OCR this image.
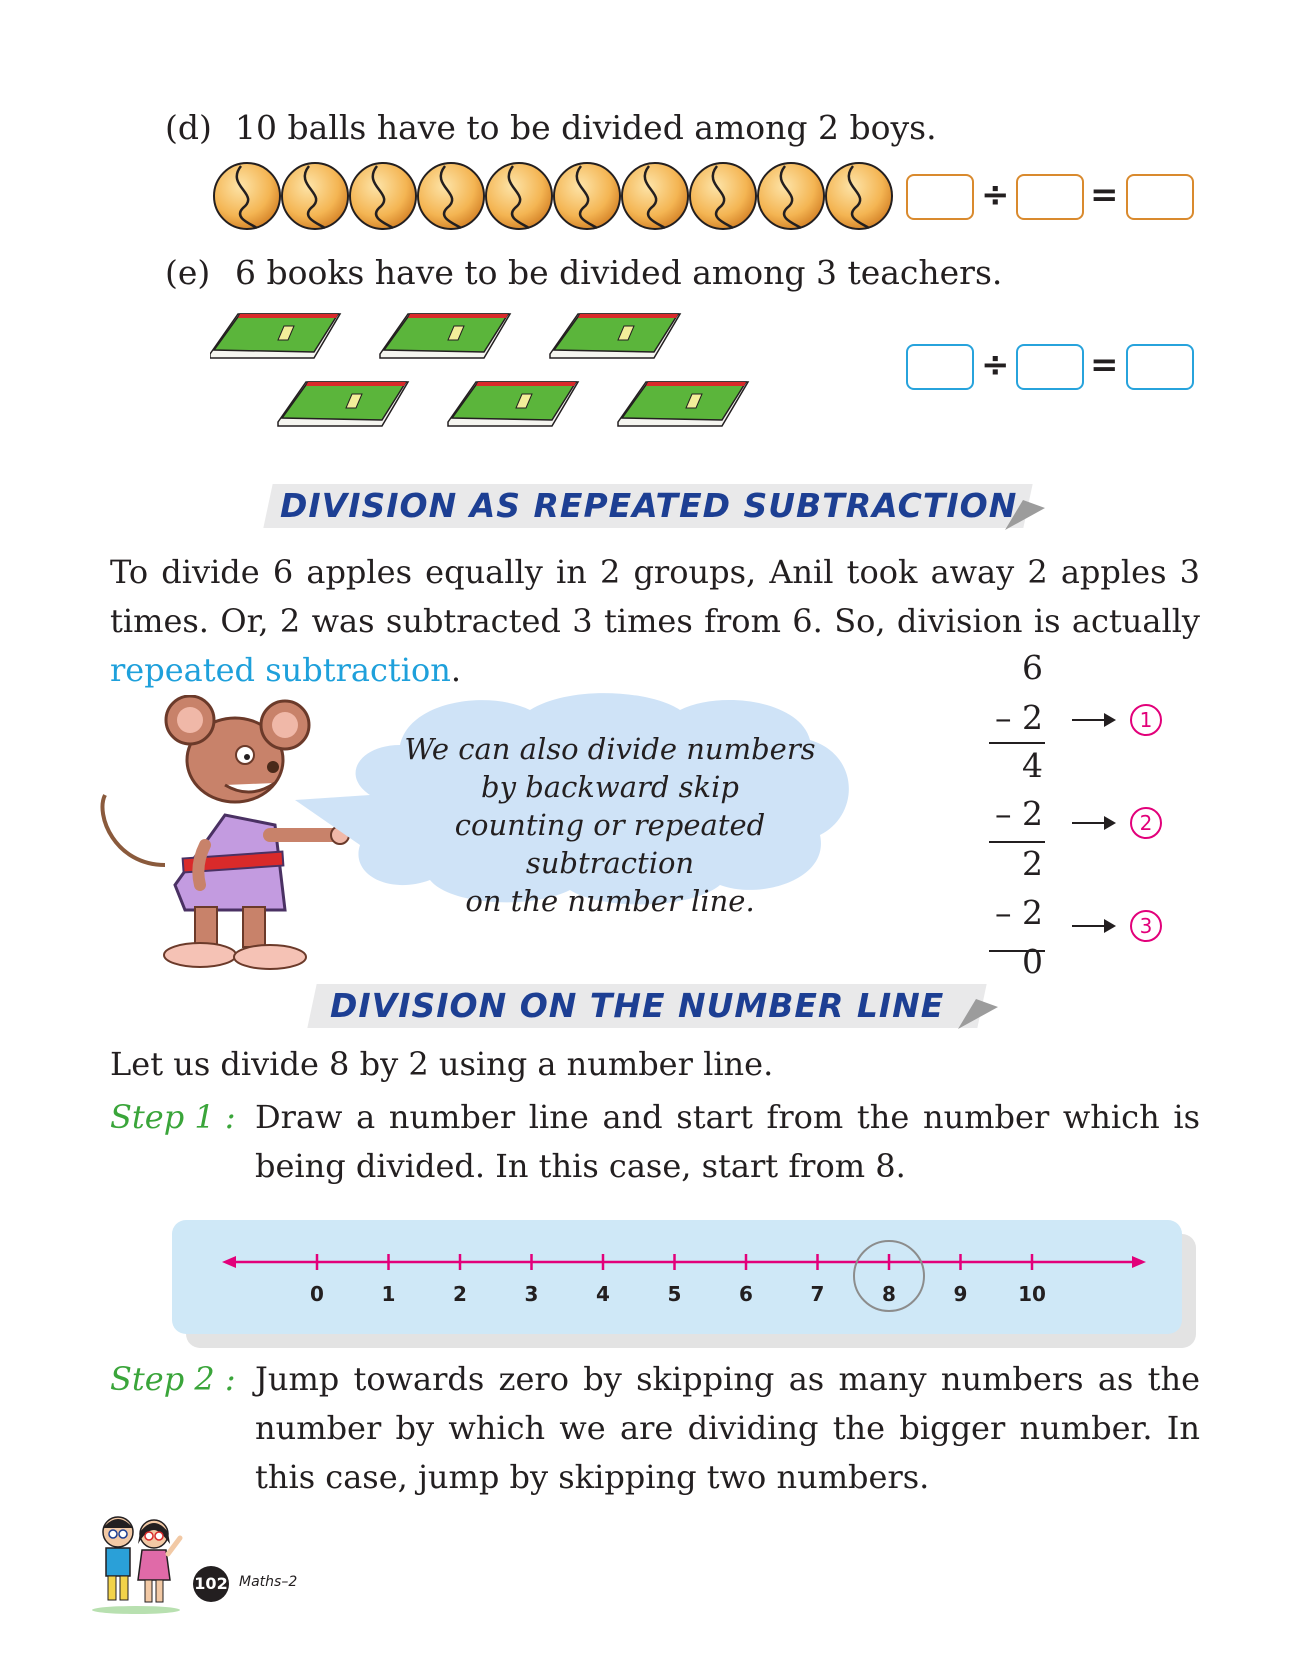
(d) 10 balls have to be divided among 2 boys.
÷ =
(e) 6 books have to be divided among 3 teachers.
÷ =
DIVISION AS REPEATED SUBTRACTION
To divide 6 apples equally in 2 groups, Anil took away 2 apples 3 times. Or, 2 was subtracted 3 times from 6. So, division is actually repeated subtraction.
We can also divide numbers
by backward skip
counting or repeated subtraction
on the number line.
6
– 2	1
4
– 2	2
2
– 2	3
0
DIVISION ON THE NUMBER LINE
Let us divide 8 by 2 using a number line.
Step 1 : Draw a number line and start from the number which is being divided. In this case, start from 8.
0	1	2	3	4	5	6	7	8	9	10
Step 2 : Jump towards zero by skipping as many numbers as the number by which we are dividing the bigger number. In this case, jump by skipping two numbers.
102 Maths–2
